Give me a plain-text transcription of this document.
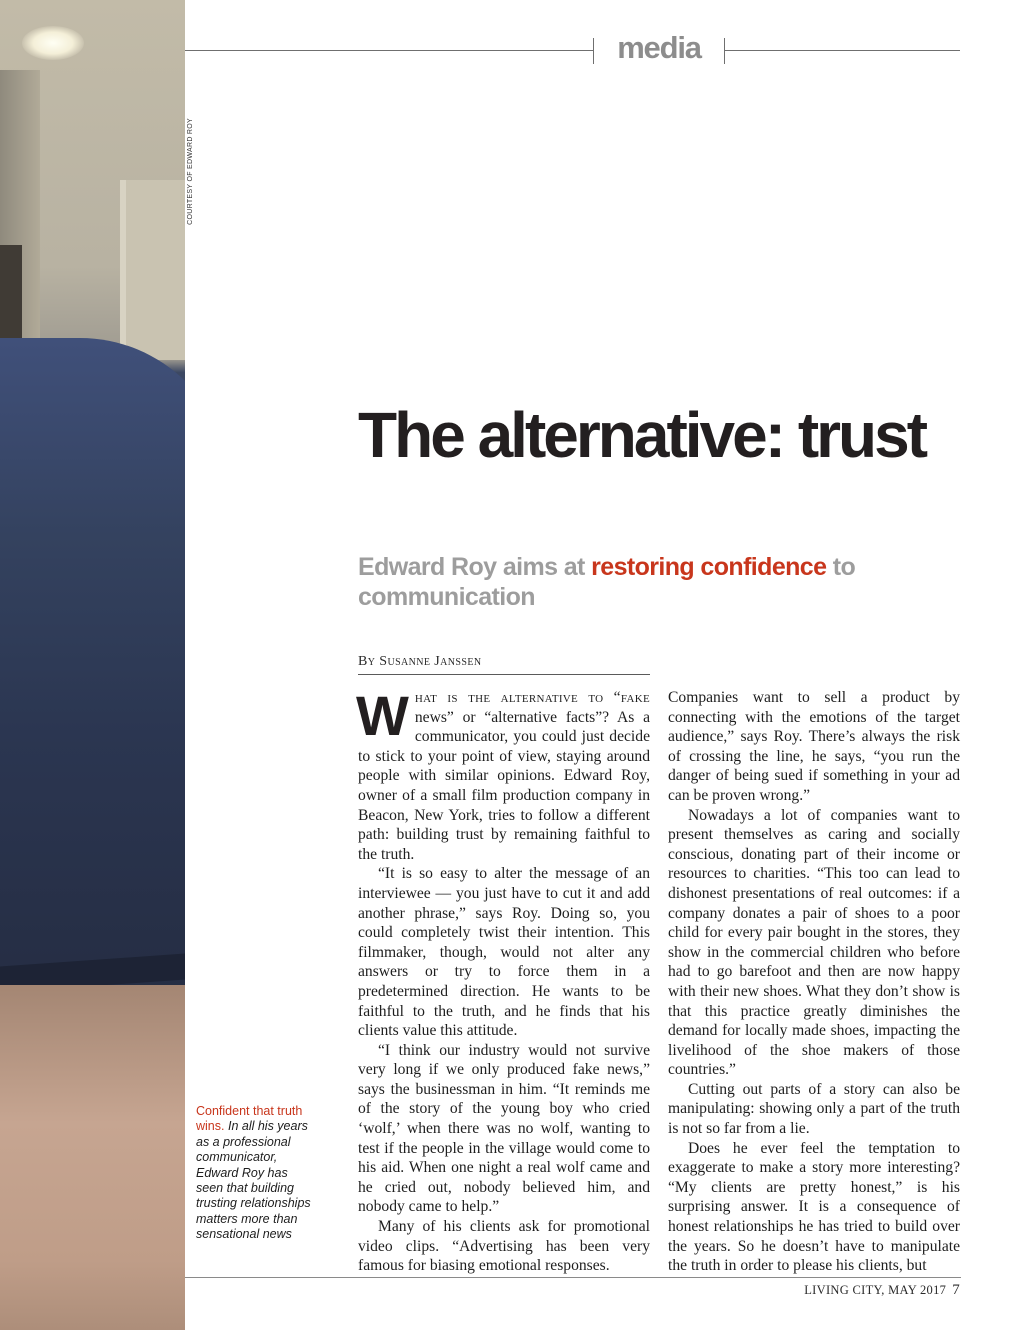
COURTESY OF EDWARD ROY
media
The alternative: trust

Edward Roy aims at restoring confidence to communication

By Susanne Janssen

What is the alternative to “fake news” or “alternative facts”? As a communicator, you could just decide to stick to your point of view, staying around people with similar opinions. Edward Roy, owner of a small film production company in Beacon, New York, tries to follow a different path: building trust by remaining faithful to the truth.

“It is so easy to alter the message of an interviewee — you just have to cut it and add another phrase,” says Roy. Doing so, you could completely twist their intention. This filmmaker, though, would not alter any answers or try to force them in a predetermined direction. He wants to be faithful to the truth, and he finds that his clients value this attitude.

“I think our industry would not survive very long if we only produced fake news,” says the businessman in him. “It reminds me of the story of the young boy who cried ‘wolf,’ when there was no wolf, wanting to test if the people in the village would come to his aid. When one night a real wolf came and he cried out, nobody believed him, and nobody came to help.”

Many of his clients ask for promotional video clips. “Advertising has been very famous for biasing emotional responses.

Companies want to sell a product by connecting with the emotions of the target audience,” says Roy. There’s always the risk of crossing the line, he says, “you run the danger of being sued if something in your ad can be proven wrong.”

Nowadays a lot of companies want to present themselves as caring and socially conscious, donating part of their income or resources to charities. “This too can lead to dishonest presentations of real outcomes: if a company donates a pair of shoes to a poor child for every pair bought in the stores, they show in the commercial children who before had to go barefoot and then are now happy with their new shoes. What they don’t show is that this practice greatly diminishes the demand for locally made shoes, impacting the livelihood of the shoe makers of those countries.”

Cutting out parts of a story can also be manipulating: showing only a part of the truth is not so far from a lie.

Does he ever feel the temptation to exaggerate to make a story more interesting? “My clients are pretty honest,” is his surprising answer. It is a consequence of honest relationships he has tried to build over the years. So he doesn’t have to manipulate the truth in order to please his clients, but

Confident that truth wins. In all his years as a professional communicator, Edward Roy has seen that building trusting relationships matters more than sensational news
LIVING CITY, MAY 2017 7
